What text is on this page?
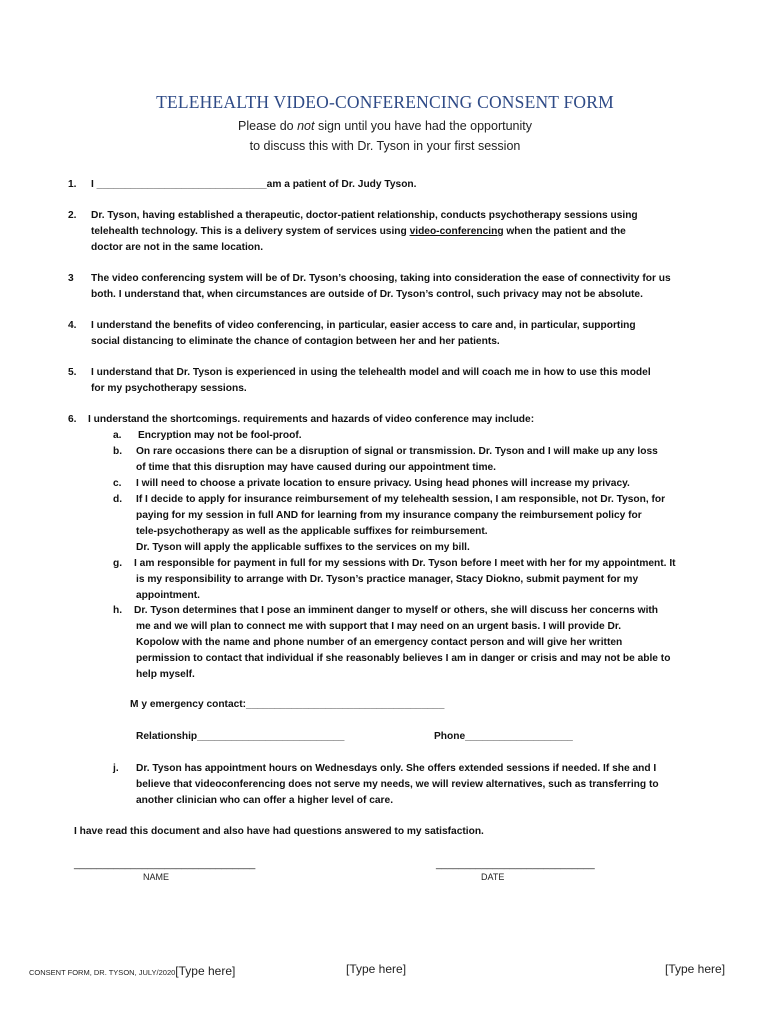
TELEHEALTH VIDEO-CONFERENCING CONSENT FORM
Please do not sign until you have had the opportunity
to discuss this with Dr. Tyson in your first session
1. I ______________________________am a patient of Dr. Judy Tyson.
2. Dr. Tyson, having established a therapeutic, doctor-patient relationship, conducts psychotherapy sessions using
telehealth technology. This is a delivery system of services using video-conferencing when the patient and the
doctor are not in the same location.
3 The video conferencing system will be of Dr. Tyson’s choosing, taking into consideration the ease of connectivity for us
both. I understand that, when circumstances are outside of Dr. Tyson’s control, such privacy may not be absolute.
4. I understand the benefits of video conferencing, in particular, easier access to care and, in particular, supporting
social distancing to eliminate the chance of contagion between her and her patients.
5. I understand that Dr. Tyson is experienced in using the telehealth model and will coach me in how to use this model
for my psychotherapy sessions.
6. I understand the shortcomings. requirements and hazards of video conference may include:
a. Encryption may not be fool-proof.
b. On rare occasions there can be a disruption of signal or transmission. Dr. Tyson and I will make up any loss
of time that this disruption may have caused during our appointment time.
c. I will need to choose a private location to ensure privacy. Using head phones will increase my privacy.
d. If I decide to apply for insurance reimbursement of my telehealth session, I am responsible, not Dr. Tyson, for
paying for my session in full AND for learning from my insurance company the reimbursement policy for
tele-psychotherapy as well as the applicable suffixes for reimbursement.
Dr. Tyson will apply the applicable suffixes to the services on my bill.
g. I am responsible for payment in full for my sessions with Dr. Tyson before I meet with her for my appointment. It
is my responsibility to arrange with Dr. Tyson’s practice manager, Stacy Diokno, submit payment for my
appointment.
h. Dr. Tyson determines that I pose an imminent danger to myself or others, she will discuss her concerns with
me and we will plan to connect me with support that I may need on an urgent basis. I will provide Dr.
Kopolow with the name and phone number of an emergency contact person and will give her written
permission to contact that individual if she reasonably believes I am in danger or crisis and may not be able to
help myself.
M y emergency contact:___________________________________
Relationship__________________________	Phone___________________
j. Dr. Tyson has appointment hours on Wednesdays only. She offers extended sessions if needed. If she and I
believe that videoconferencing does not serve my needs, we will review alternatives, such as transferring to
another clinician who can offer a higher level of care.
I have read this document and also have had questions answered to my satisfaction.
________________________________
NAME
____________________________
DATE
CONSENT FORM, DR. TYSON, JULY/2020[Type here]	[Type here]	[Type here]
